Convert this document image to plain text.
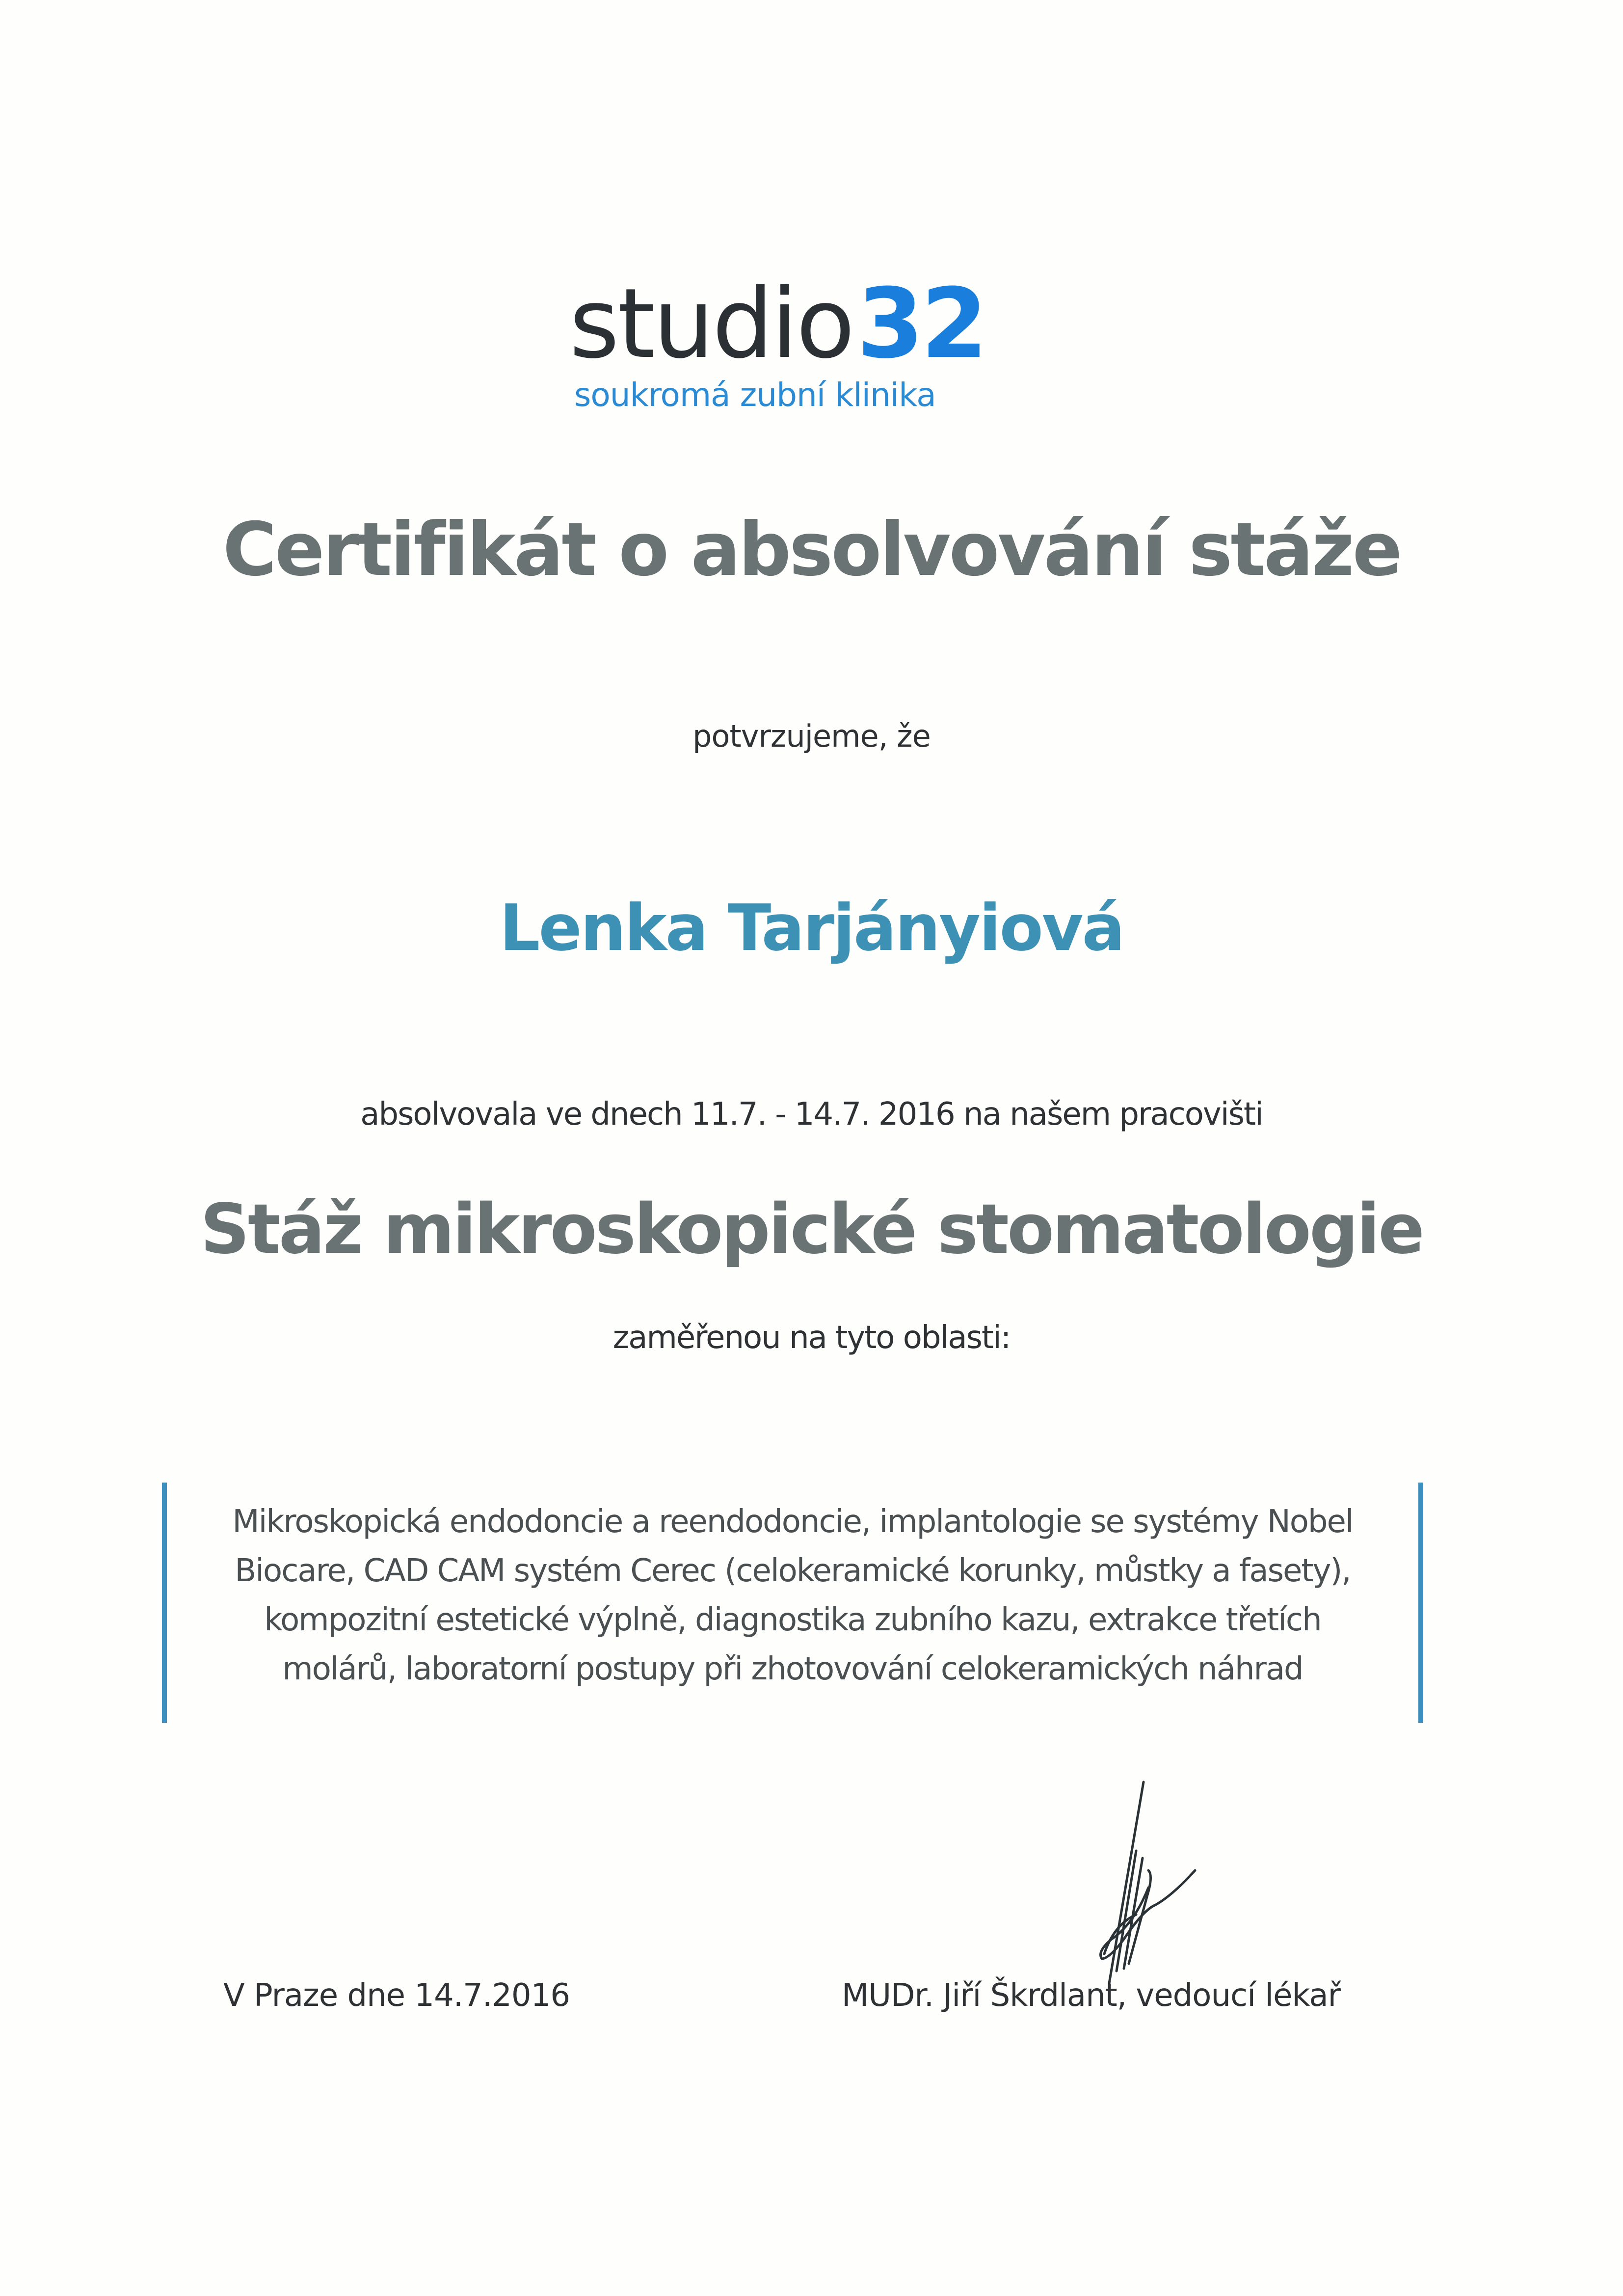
studio32
soukromá zubní klinika
Certifikát o absolvování stáže
potvrzujeme, že
Lenka Tarjányiová
absolvovala ve dnech 11.7. - 14.7. 2016 na našem pracovišti
Stáž mikroskopické stomatologie
zaměřenou na tyto oblasti:
Mikroskopická endodoncie a reendodoncie, implantologie se systémy Nobel
Biocare, CAD CAM systém Cerec (celokeramické korunky, můstky a fasety),
kompozitní estetické výplně, diagnostika zubního kazu, extrakce třetích
molárů, laboratorní postupy při zhotovování celokeramických náhrad
V Praze dne 14.7.2016	MUDr. Jiří Škrdlant, vedoucí lékař
